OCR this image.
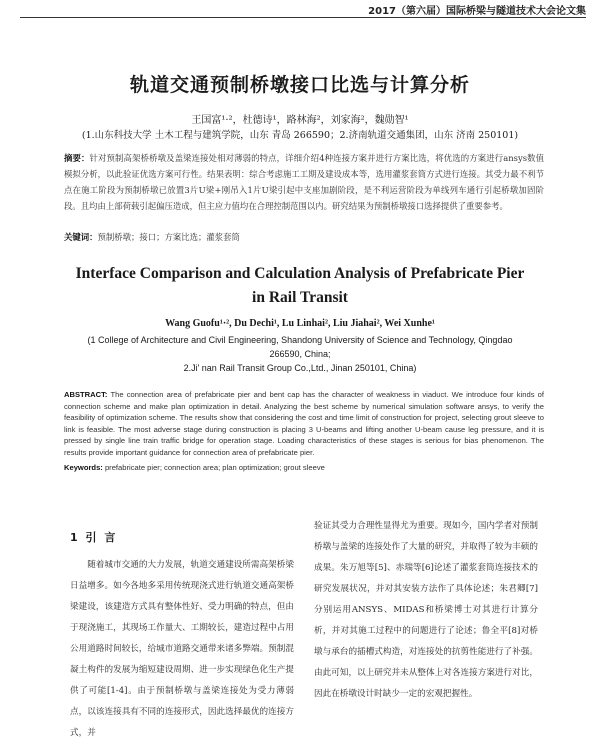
2017（第六届）国际桥梁与隧道技术大会论文集
轨道交通预制桥墩接口比选与计算分析
王国富¹·²，杜德诗¹，路林海²，刘家海²，魏勋智¹
(1.山东科技大学 土木工程与建筑学院，山东 青岛 266590；2.济南轨道交通集团，山东 济南 250101)
摘要：针对预制高架桥桥墩及盖梁连接处相对薄弱的特点，详细介绍4种连接方案并进行方案比选，将优选的方案进行ansys数值模拟分析，以此验证优选方案可行性。结果表明：综合考虑施工工期及建设成本等，选用灌浆套筒方式进行连接。其受力最不利节点在施工阶段为预制桥墩已放置3片U梁+刚吊入1片U梁引起中支座加剧阶段，是不利运营阶段为单线列车通行引起桥墩加固阶段。且均由上部荷载引起偏压造成，但主应力值均在合理控制范围以内。研究结果为预制桥墩接口选择提供了重要参考。
关键词：预制桥墩；接口；方案比选；灌浆套筒
Interface Comparison and Calculation Analysis of Prefabricate Pier
in Rail Transit
Wang Guofu¹·², Du Dechi¹, Lu Linhai², Liu Jiahai², Wei Xunhe¹
(1 College of Architecture and Civil Engineering, Shandong University of Science and Technology, Qingdao
266590, China;
2.Ji' nan Rail Transit Group Co.,Ltd., Jinan 250101, China)
ABSTRACT: The connection area of prefabricate pier and bent cap has the character of weakness in viaduct. We introduce four kinds of connection scheme and make plan optimization in detail. Analyzing the best scheme by numerical simulation software ansys, to verify the feasibility of optimization scheme. The results show that considering the cost and time limit of construction for project, selecting grout sleeve to link is feasible. The most adverse stage during construction is placing 3 U-beams and lifting another U-beam cause leg pressure, and it is pressed by single line train traffic bridge for operation stage. Loading characteristics of these stages is serious for bias phenomenon. The results provide important guidance for connection area of prefabricate pier.
Keywords: prefabricate pier; connection area; plan optimization; grout sleeve
1 引 言

随着城市交通的大力发展，轨道交通建设所需高架桥梁日益增多。如今各地多采用传统现浇式进行轨道交通高架桥梁建设，该建造方式具有整体性好、受力明确的特点，但由于现浇施工，其现场工作量大、工期较长，建造过程中占用公用道路时间较长，给城市道路交通带来诸多弊端。预制混凝土构件的发展为缩短建设周期、进一步实现绿色化生产提供了可能[1-4]。由于预制桥墩与盖梁连接处为受力薄弱点，以该连接具有不同的连接形式，因此选择最优的连接方式，并

验证其受力合理性显得尤为重要。现如今，国内学者对预制桥墩与盖梁的连接处作了大量的研究，并取得了较为丰硕的成果。朱万旭等[5]、赤瑞等[6]论述了灌浆套筒连接技术的研究发展状况，并对其安装方法作了具体论述；朱君卿[7]分别运用ANSYS、MIDAS和桥梁博士对其进行计算分析，并对其施工过程中的问题进行了论述；鲁全平[8]对桥墩与承台的插槽式构造，对连接处的抗剪性能进行了补强。由此可知，以上研究并未从整体上对各连接方案进行对比，因此在桥墩设计时缺少一定的宏观把握性。
